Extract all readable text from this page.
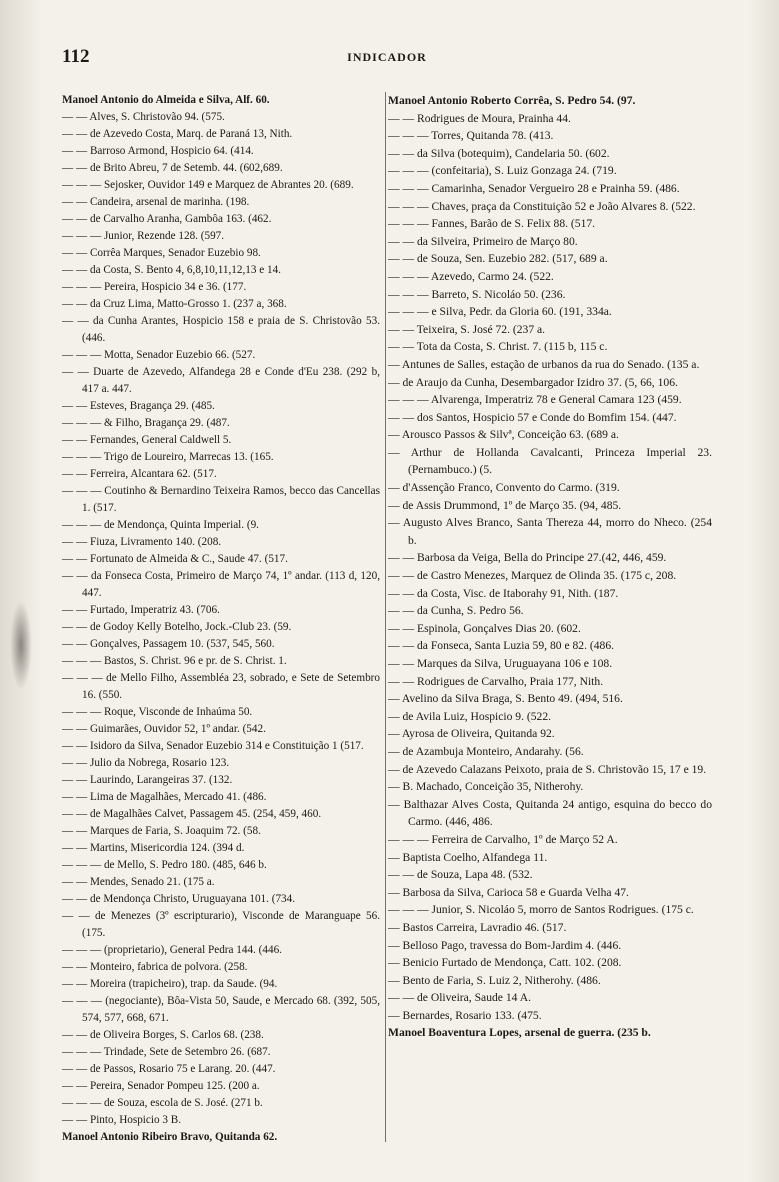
112	INDICADOR
Manoel Antonio do Almeida e Silva, Alf. 60.
— — Alves, S. Christovão 94. (575.
— — de Azevedo Costa, Marq. de Paraná 13, Nith.
— — Barroso Armond, Hospicio 64. (414.
— — de Brito Abreu, 7 de Setemb. 44. (602,689.
— — — Sejosker, Ouvidor 149 e Marquez de Abrantes 20. (689.
— — Candeira, arsenal de marinha. (198.
— — de Carvalho Aranha, Gambôa 163. (462.
— — — Junior, Rezende 128. (597.
— — Corrêa Marques, Senador Euzebio 98.
— — da Costa, S. Bento 4, 6,8,10,11,12,13 e 14.
— — — Pereira, Hospicio 34 e 36. (177.
— — da Cruz Lima, Matto-Grosso 1. (237 a, 368.
— — da Cunha Arantes, Hospicio 158 e praia de S. Christovão 53. (446.
— — — Motta, Senador Euzebio 66. (527.
— — Duarte de Azevedo, Alfandega 28 e Conde d'Eu 238. (292 b, 417 a. 447.
— — Esteves, Bragança 29. (485.
— — — & Filho, Bragança 29. (487.
— — Fernandes, General Caldwell 5.
— — — Trigo de Loureiro, Marrecas 13. (165.
— — Ferreira, Alcantara 62. (517.
— — — Coutinho & Bernardino Teixeira Ramos, becco das Cancellas 1. (517.
— — — de Mendonça, Quinta Imperial. (9.
— — Fiuza, Livramento 140. (208.
— — Fortunato de Almeida & C., Saude 47. (517.
— — da Fonseca Costa, Primeiro de Março 74, 1º andar. (113 d, 120, 447.
— — Furtado, Imperatriz 43. (706.
— — de Godoy Kelly Botelho, Jock.-Club 23. (59.
— — Gonçalves, Passagem 10. (537, 545, 560.
— — — Bastos, S. Christ. 96 e pr. de S. Christ. 1.
— — — de Mello Filho, Assembléa 23, sobrado, e Sete de Setembro 16. (550.
— — — Roque, Visconde de Inhaúma 50.
— — Guimarães, Ouvidor 52, 1º andar. (542.
— — Isidoro da Silva, Senador Euzebio 314 e Constituição 1 (517.
— — Julio da Nobrega, Rosario 123.
— — Laurindo, Larangeiras 37. (132.
— — Lima de Magalhães, Mercado 41. (486.
— — de Magalhães Calvet, Passagem 45. (254, 459, 460.
— — Marques de Faria, S. Joaquim 72. (58.
— — Martins, Misericordia 124. (394 d.
— — — de Mello, S. Pedro 180. (485, 646 b.
— — Mendes, Senado 21. (175 a.
— — de Mendonça Christo, Uruguayana 101. (734.
— — de Menezes (3º escripturario), Visconde de Maranguape 56. (175.
— — — (proprietario), General Pedra 144. (446.
— — Monteiro, fabrica de polvora. (258.
— — Moreira (trapicheiro), trap. da Saude. (94.
— — — (negociante), Bôa-Vista 50, Saude, e Mercado 68. (392, 505, 574, 577, 668, 671.
— — de Oliveira Borges, S. Carlos 68. (238.
— — — Trindade, Sete de Setembro 26. (687.
— — de Passos, Rosario 75 e Larang. 20. (447.
— — Pereira, Senador Pompeu 125. (200 a.
— — — de Souza, escola de S. José. (271 b.
— — Pinto, Hospicio 3 B.
Manoel Antonio Ribeiro Bravo, Quitanda 62.
Manoel Antonio Roberto Corrêa, S. Pedro 54. (97.
— — Rodrigues de Moura, Prainha 44.
— — — Torres, Quitanda 78. (413.
— — da Silva (botequim), Candelaria 50. (602.
— — — (confeitaria), S. Luiz Gonzaga 24. (719.
— — — Camarinha, Senador Vergueiro 28 e Prainha 59. (486.
— — — Chaves, praça da Constituição 52 e João Alvares 8. (522.
— — — Fannes, Barão de S. Felix 88. (517.
— — da Silveira, Primeiro de Março 80.
— — de Souza, Sen. Euzebio 282. (517, 689 a.
— — — Azevedo, Carmo 24. (522.
— — — Barreto, S. Nicoláo 50. (236.
— — — e Silva, Pedr. da Gloria 60. (191, 334a.
— — Teixeira, S. José 72. (237 a.
— — Tota da Costa, S. Christ. 7. (115 b, 115 c.
— Antunes de Salles, estação de urbanos da rua do Senado. (135 a.
— de Araujo da Cunha, Desembargador Izidro 37. (5, 66, 106.
— — — Alvarenga, Imperatriz 78 e General Camara 123 (459.
— — dos Santos, Hospicio 57 e Conde do Bomfim 154. (447.
— Arousco Passos & Silvª, Conceição 63. (689 a.
— Arthur de Hollanda Cavalcanti, Princeza Imperial 23. (Pernambuco.) (5.
— d'Assenção Franco, Convento do Carmo. (319.
— de Assis Drummond, 1º de Março 35. (94, 485.
— Augusto Alves Branco, Santa Thereza 44, morro do Nheco. (254 b.
— — Barbosa da Veiga, Bella do Principe 27.(42, 446, 459.
— — de Castro Menezes, Marquez de Olinda 35. (175 c, 208.
— — da Costa, Visc. de Itaborahy 91, Nith. (187.
— — da Cunha, S. Pedro 56.
— — Espinola, Gonçalves Dias 20. (602.
— — da Fonseca, Santa Luzia 59, 80 e 82. (486.
— — Marques da Silva, Uruguayana 106 e 108.
— — Rodrigues de Carvalho, Praia 177, Nith.
— Avelino da Silva Braga, S. Bento 49. (494, 516.
— de Avila Luiz, Hospicio 9. (522.
— Ayrosa de Oliveira, Quitanda 92.
— de Azambuja Monteiro, Andarahy. (56.
— de Azevedo Calazans Peixoto, praia de S. Christovão 15, 17 e 19.
— B. Machado, Conceição 35, Nitherohy.
— Balthazar Alves Costa, Quitanda 24 antigo, esquina do becco do Carmo. (446, 486.
— — — Ferreira de Carvalho, 1º de Março 52 A.
— Baptista Coelho, Alfandega 11.
— — de Souza, Lapa 48. (532.
— Barbosa da Silva, Carioca 58 e Guarda Velha 47.
— — — Junior, S. Nicoláo 5, morro de Santos Rodrigues. (175 c.
— Bastos Carreira, Lavradio 46. (517.
— Belloso Pago, travessa do Bom-Jardim 4. (446.
— Benicio Furtado de Mendonça, Catt. 102. (208.
— Bento de Faria, S. Luiz 2, Nitherohy. (486.
— — de Oliveira, Saude 14 A.
— Bernardes, Rosario 133. (475.
Manoel Boaventura Lopes, arsenal de guerra. (235 b.
